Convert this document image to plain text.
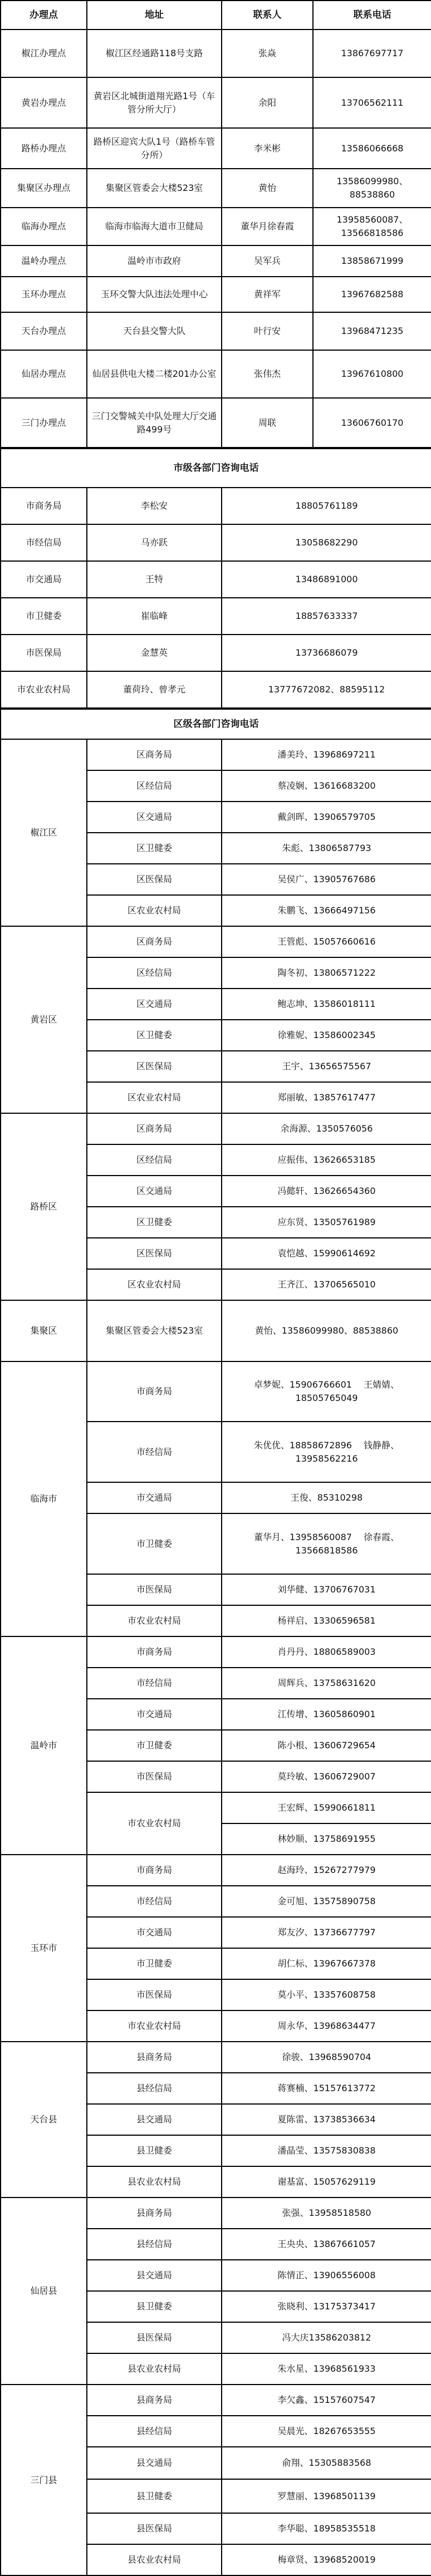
办理点	地址	联系人	联系电话
椒江办理点	椒江区经通路118号支路	张焱	13867697717
黄岩办理点	黄岩区北城街道翔光路1号（车管分所大厅）	余阳	13706562111
路桥办理点	路桥区迎宾大队1号（路桥车管分所）	李米彬	13586066668
集聚区办理点	集聚区管委会大楼523室	黄怡	13586099980、88538860
临海办理点	临海市临海大道市卫健局	董华月徐春霞	13958560087、13566818586
温岭办理点	温岭市市政府	吴军兵	13858671999
玉环办理点	玉环交警大队违法处理中心	黄祥军	13967682588
天台办理点	天台县交警大队	叶行安	13968471235
仙居办理点	仙居县供电大楼二楼201办公室	张伟杰	13967610800
三门办理点	三门交警城关中队处理大厅交通路499号	周联	13606760170
市级各部门咨询电话		
市商务局	李松安	18805761189
市经信局	马亦跃	13058682290
市交通局	王特	13486891000
市卫健委	崔临峰	18857633337
市医保局	金慧英	13736686079
市农业农村局	董荷玲、曾孝元	13777672082、88595112
区级各部门咨询电话		
椒江区	区商务局	潘美玲、13968697211
	区经信局	蔡凌娴、13616683200
	区交通局	戴剑晖、13906579705
	区卫健委	朱彪、13806587793
	区医保局	吴侯广、13905767686
	区农业农村局	朱鹏飞、13666497156
黄岩区	区商务局	王管彪、15057660616
	区经信局	陶冬初、13806571222
	区交通局	鲍志坤、13586018111
	区卫健委	徐雅妮、13586002345
	区医保局	王宇、13656575567
	区农业农村局	郑丽敏、13857617477
路桥区	区商务局	余海源、1350576056
	区经信局	应振伟、13626653185
	区交通局	冯懿轩、13626654360
	区卫健委	应东贤、13505761989
	区医保局	袁恺越、15990614692
	区农业农村局	王齐江、13706565010
集聚区	集聚区管委会大楼523室	黄怡、13586099980、88538860
临海市	市商务局	卓梦妮、15906766601　 王婧婧、18505765049
	市经信局	朱优优、18858672896　 钱静静、13958562216
	市交通局	王俊、85310298
	市卫健委	董华月、13958560087　 徐春霞、13566818586
	市医保局	刘华健、13706767031
	市农业农村局	杨祥启、13306596581
温岭市	市商务局	肖丹丹、18806589003
	市经信局	周辉兵、13758631620
	市交通局	江传增、13605860901
	市卫健委	陈小根、13606729654
	市医保局	莫玲敏、13606729007
	市农业农村局	王宏辉、15990661811
		林妙顺、13758691955
玉环市	市商务局	赵海玲、15267277979
	市经信局	金可旭、13575890758
	市交通局	郑友汐、13736677797
	市卫健委	胡仁标、13967667378
	市医保局	莫小平、13357608758
	市农业农村局	周永华、13968634477
天台县	县商务局	徐骏、13968590704
	县经信局	蒋赛楠、15157613772
	县交通局	夏陈雷、13738536634
	县卫健委	潘晶莹、13575830838
	县农业农村局	谢基富、15057629119
仙居县	县商务局	张强、13958518580
	县经信局	王央央、13867661057
	县交通局	陈情正、13906556008
	县卫健委	张晓利、13175373417
	县医保局	冯大庆13586203812
	县农业农村局	朱水星、13968561933
三门县	县商务局	李欠鑫、15157607547
	县经信局	吴晨光、18267653555
	县交通局	俞翔、15305883568
	县卫健委	罗慧丽、13968501139
	县医保局	李华聪、18958535518
	县农业农村局	梅章贤、13968520019
